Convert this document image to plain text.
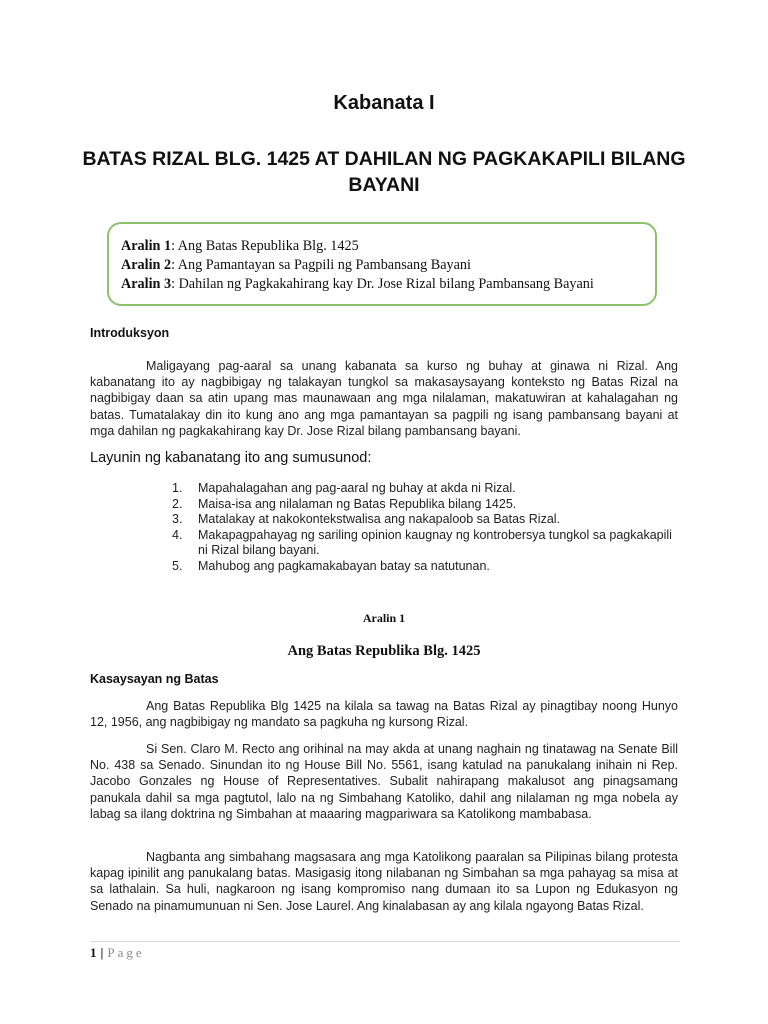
Kabanata I
BATAS RIZAL BLG. 1425 AT DAHILAN NG PAGKAKAPILI BILANG BAYANI
Aralin 1: Ang Batas Republika Blg. 1425
Aralin 2: Ang Pamantayan sa Pagpili ng Pambansang Bayani
Aralin 3: Dahilan ng Pagkakahirang kay Dr. Jose Rizal bilang Pambansang Bayani
Introduksyon
Maligayang pag-aaral sa unang kabanata sa kurso ng buhay at ginawa ni Rizal. Ang kabanatang ito ay nagbibigay ng talakayan tungkol sa makasaysayang konteksto ng Batas Rizal na nagbibigay daan sa atin upang mas maunawaan ang mga nilalaman, makatuwiran at kahalagahan ng batas. Tumatalakay din ito kung ano ang mga pamantayan sa pagpili ng isang pambansang bayani at mga dahilan ng pagkakahirang kay Dr. Jose Rizal bilang pambansang bayani.
Layunin ng kabanatang ito ang sumusunod:
1. Mapahalagahan ang pag-aaral ng buhay at akda ni Rizal.
2. Maisa-isa ang nilalaman ng Batas Republika bilang 1425.
3. Matalakay at nakokontekstwalisa ang nakapaloob sa Batas Rizal.
4. Makapagpahayag ng sariling opinion kaugnay ng kontrobersya tungkol sa pagkakapili ni Rizal bilang bayani.
5. Mahubog ang pagkamakabayan batay sa natutunan.
Aralin 1
Ang Batas Republika Blg. 1425
Kasaysayan ng Batas
Ang Batas Republika Blg 1425 na kilala sa tawag na Batas Rizal ay pinagtibay noong Hunyo 12, 1956, ang nagbibigay ng mandato sa pagkuha ng kursong Rizal.
Si Sen. Claro M. Recto ang orihinal na may akda at unang naghain ng tinatawag na Senate Bill No. 438 sa Senado. Sinundan ito ng House Bill No. 5561, isang katulad na panukalang inihain ni Rep. Jacobo Gonzales ng House of Representatives. Subalit nahirapang makalusot ang pinagsamang panukala dahil sa mga pagtutol, lalo na ng Simbahang Katoliko, dahil ang nilalaman ng mga nobela ay labag sa ilang doktrina ng Simbahan at maaaring magpariwara sa Katolikong mambabasa.
Nagbanta ang simbahang magsasara ang mga Katolikong paaralan sa Pilipinas bilang protesta kapag ipinilit ang panukalang batas. Masigasig itong nilabanan ng Simbahan sa mga pahayag sa misa at sa lathalain. Sa huli, nagkaroon ng isang kompromiso nang dumaan ito sa Lupon ng Edukasyon ng Senado na pinamumunuan ni Sen. Jose Laurel. Ang kinalabasan ay ang kilala ngayong Batas Rizal.
1 | Page
